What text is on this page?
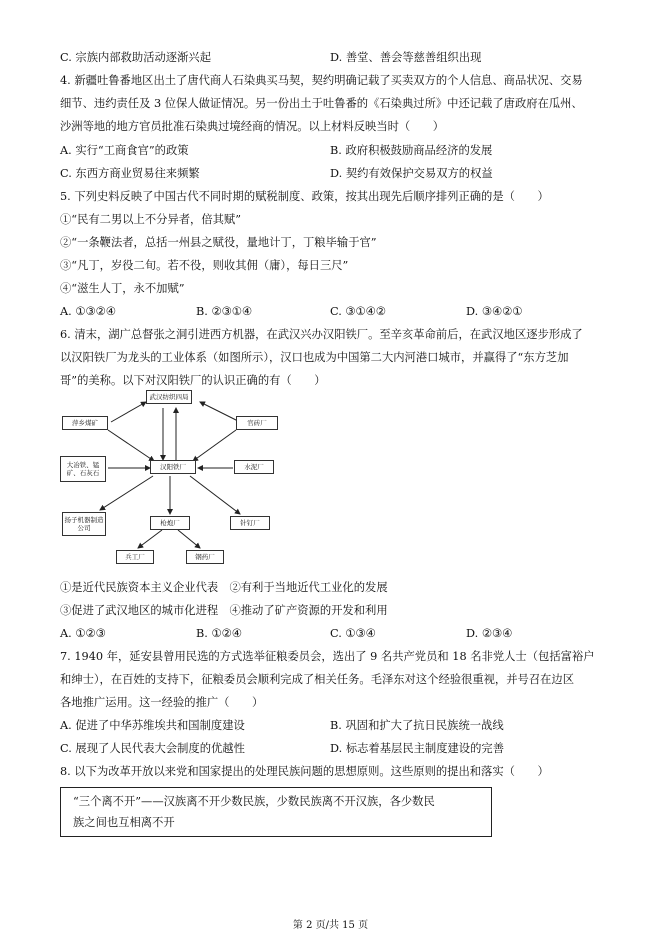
C. 宗族内部救助活动逐渐兴起	D. 善堂、善会等慈善组织出现
4. 新疆吐鲁番地区出土了唐代商人石染典买马契，契约明确记载了买卖双方的个人信息、商品状况、交易
细节、违约责任及 3 位保人做证情况。另一份出土于吐鲁番的《石染典过所》中还记载了唐政府在瓜州、
沙洲等地的地方官员批准石染典过境经商的情况。以上材料反映当时（　　）
A. 实行“工商食官”的政策	B. 政府积极鼓励商品经济的发展
C. 东西方商业贸易往来频繁	D. 契约有效保护交易双方的权益
5. 下列史料反映了中国古代不同时期的赋税制度、政策，按其出现先后顺序排列正确的是（　　）
①“民有二男以上不分异者，倍其赋”
②“一条鞭法者，总括一州县之赋役，量地计丁，丁粮毕输于官”
③“凡丁，岁役二旬。若不役，则收其佣（庸），每日三尺”
④“滋生人丁，永不加赋”
A. ①③②④	B. ②③①④	C. ③①④②	D. ③④②①
6. 清末，湖广总督张之洞引进西方机器，在武汉兴办汉阳铁厂。至辛亥革命前后，在武汉地区逐步形成了
以汉阳铁厂为龙头的工业体系（如图所示），汉口也成为中国第二大内河港口城市，并赢得了“东方芝加
哥”的美称。以下对汉阳铁厂的认识正确的有（　　）
武汉纺织四局
萍乡煤矿	官砖厂
大冶铁、锰矿、石灰石
汉阳铁厂	水泥厂
扬子机器制造公司
枪炮厂	针钉厂
兵工厂	钢药厂
①是近代民族资本主义企业代表　②有利于当地近代工业化的发展
③促进了武汉地区的城市化进程　④推动了矿产资源的开发和利用
A. ①②③	B. ①②④	C. ①③④	D. ②③④
7. 1940 年，延安县曾用民选的方式选举征粮委员会，选出了 9 名共产党员和 18 名非党人士（包括富裕户
和绅士），在百姓的支持下，征粮委员会顺利完成了相关任务。毛泽东对这个经验很重视，并号召在边区
各地推广运用。这一经验的推广（　　）
A. 促进了中华苏维埃共和国制度建设	B. 巩固和扩大了抗日民族统一战线
C. 展现了人民代表大会制度的优越性	D. 标志着基层民主制度建设的完善
8. 以下为改革开放以来党和国家提出的处理民族问题的思想原则。这些原则的提出和落实（　　）
“三个离不开”——汉族离不开少数民族，少数民族离不开汉族，各少数民
族之间也互相离不开
第 2 页/共 15 页
